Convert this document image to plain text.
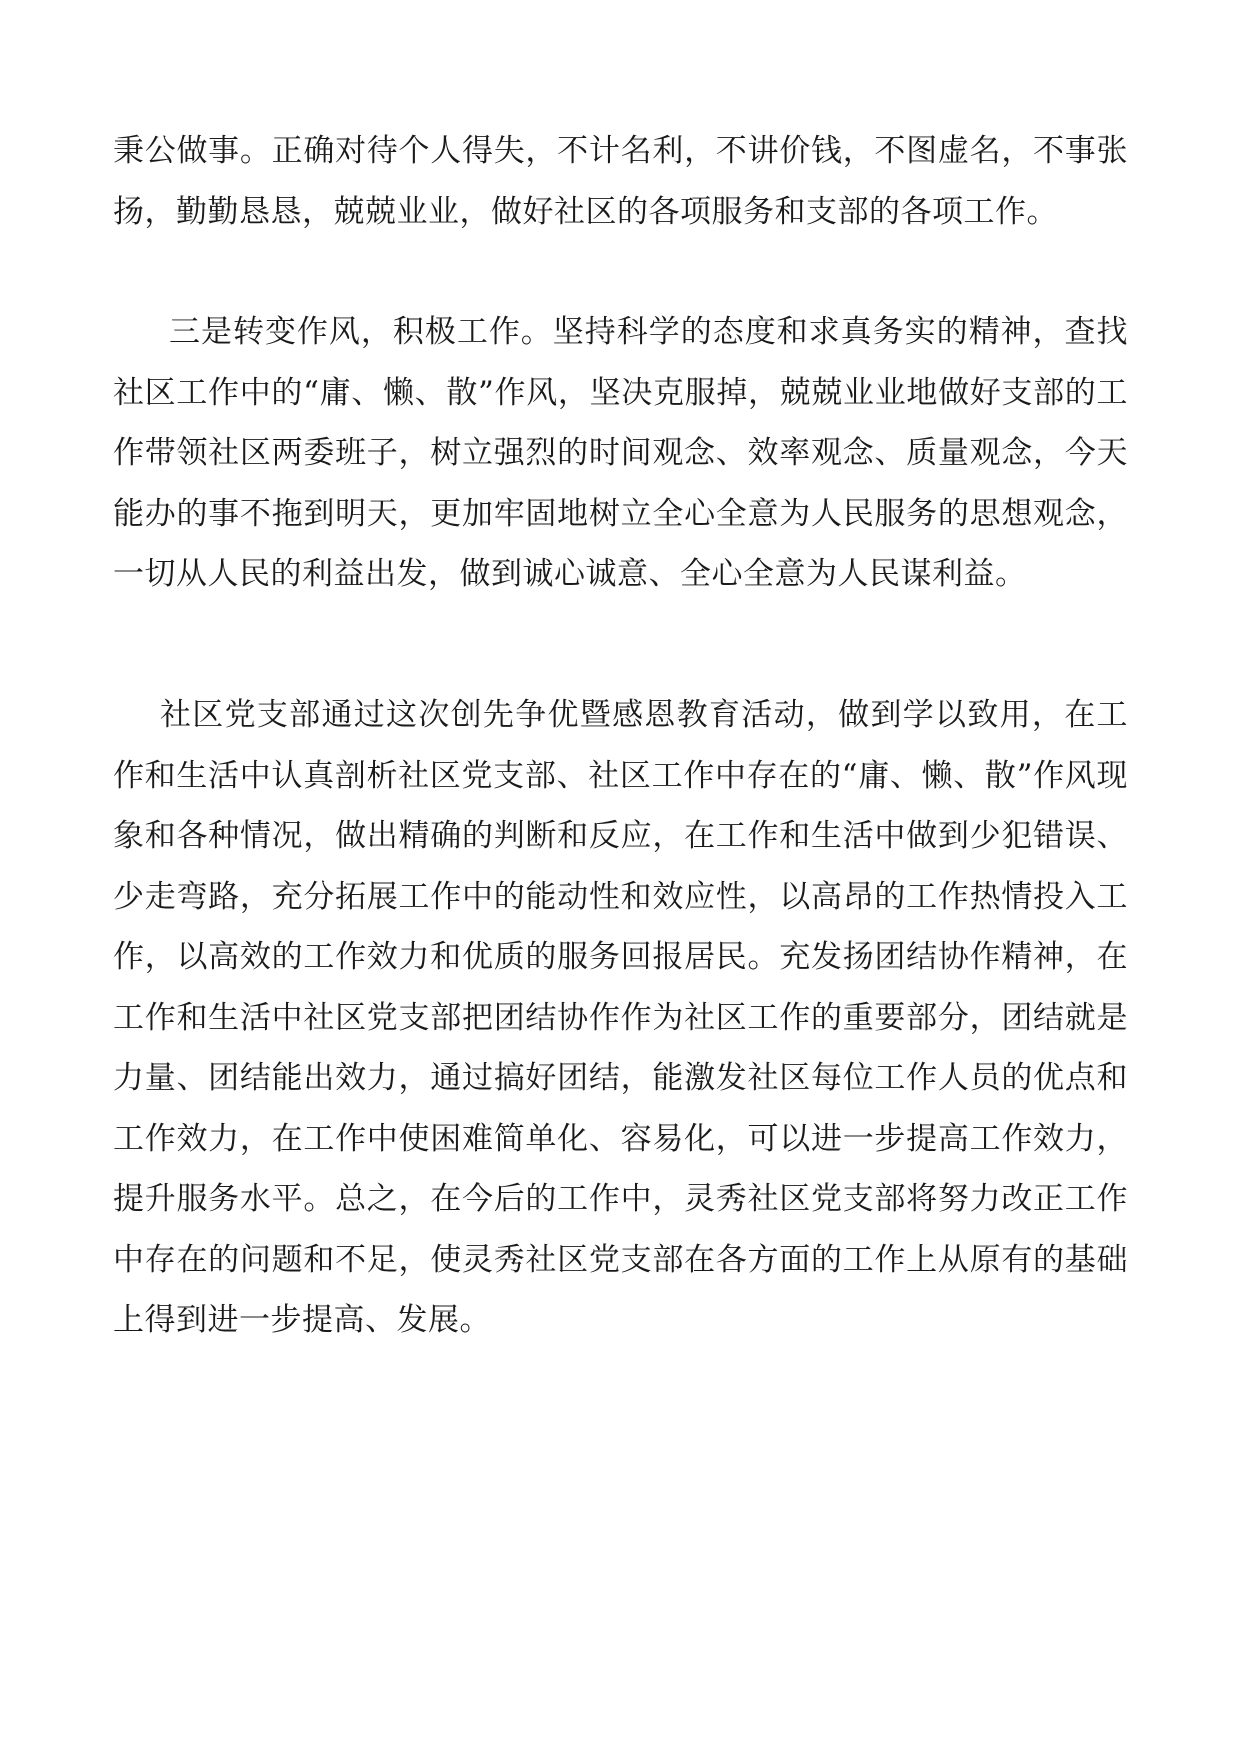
秉公做事。正确对待个人得失，不计名利，不讲价钱，不图虚名，不事张扬，勤勤恳恳，兢兢业业，做好社区的各项服务和支部的各项工作。

三是转变作风，积极工作。坚持科学的态度和求真务实的精神，查找社区工作中的“庸、懒、散”作风，坚决克服掉，兢兢业业地做好支部的工作带领社区两委班子，树立强烈的时间观念、效率观念、质量观念，今天能办的事不拖到明天，更加牢固地树立全心全意为人民服务的思想观念，一切从人民的利益出发，做到诚心诚意、全心全意为人民谋利益。

社区党支部通过这次创先争优暨感恩教育活动，做到学以致用，在工作和生活中认真剖析社区党支部、社区工作中存在的“庸、懒、散”作风现象和各种情况，做出精确的判断和反应，在工作和生活中做到少犯错误、少走弯路，充分拓展工作中的能动性和效应性，以高昂的工作热情投入工作，以高效的工作效力和优质的服务回报居民。充发扬团结协作精神，在工作和生活中社区党支部把团结协作作为社区工作的重要部分，团结就是力量、团结能出效力，通过搞好团结，能激发社区每位工作人员的优点和工作效力，在工作中使困难简单化、容易化，可以进一步提高工作效力，提升服务水平。总之，在今后的工作中，灵秀社区党支部将努力改正工作中存在的问题和不足，使灵秀社区党支部在各方面的工作上从原有的基础上得到进一步提高、发展。
